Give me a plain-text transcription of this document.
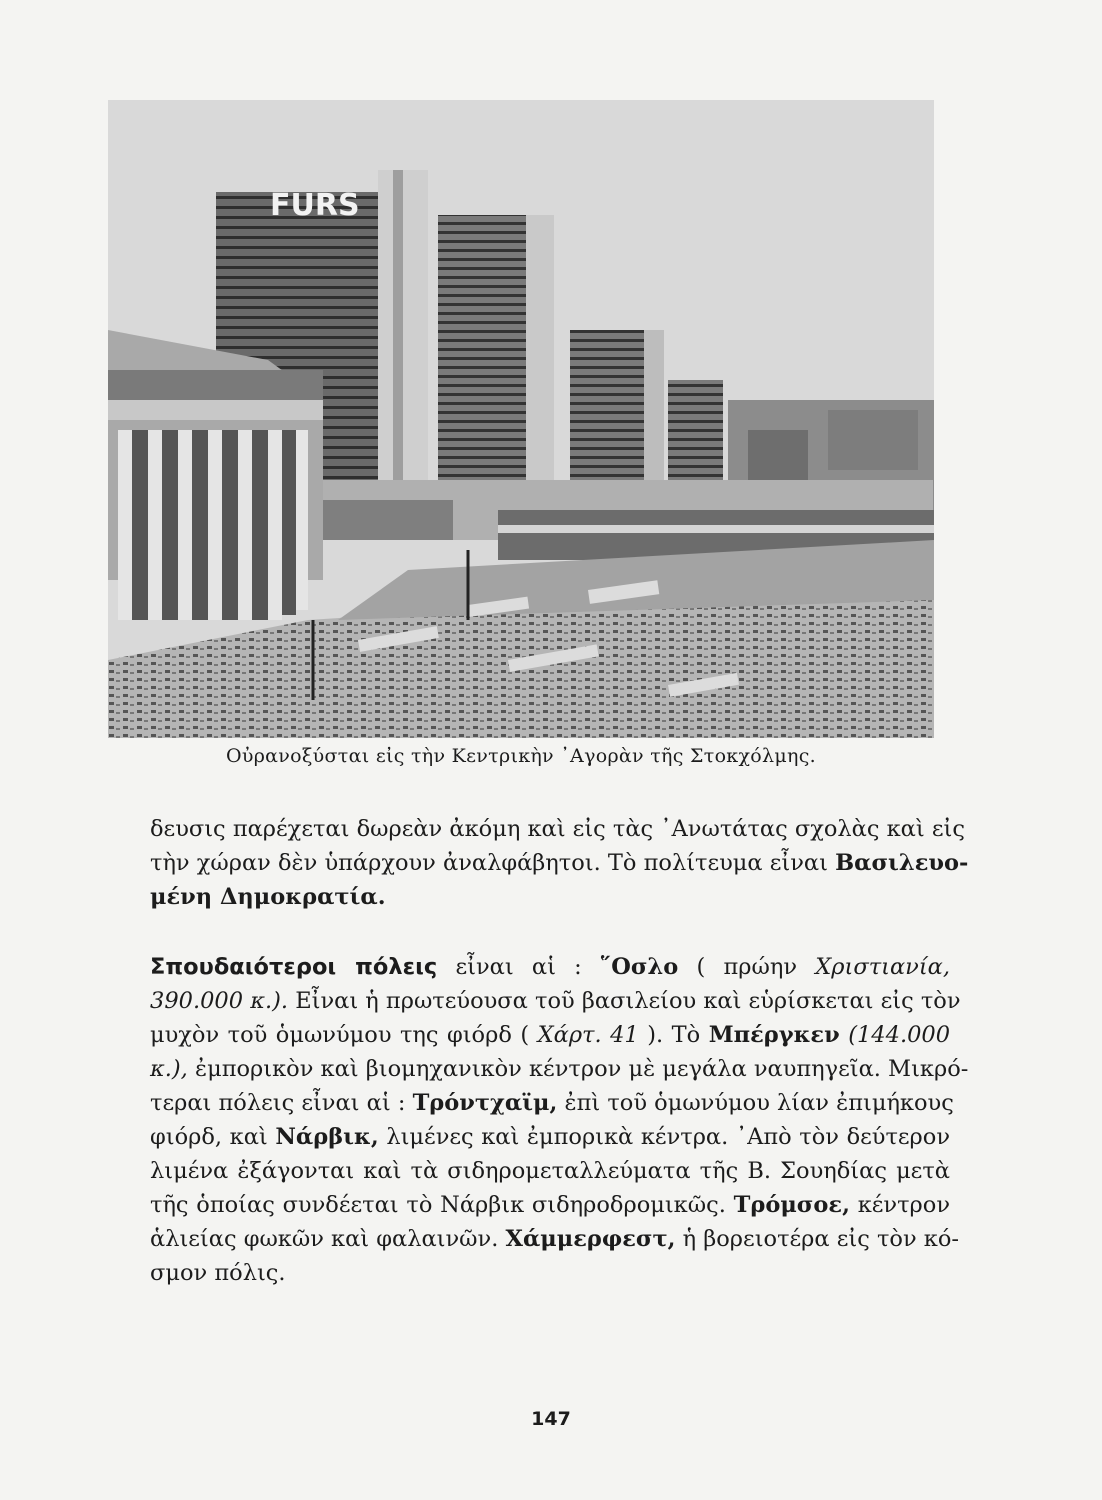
FURS
Οὐρανοξύσται εἰς τὴν Κεντρικὴν ᾿Αγορὰν τῆς Στοκχόλμης.
δευσις παρέχεται δωρεὰν ἀκόμη καὶ εἰς τὰς ᾿Ανωτάτας σχολὰς καὶ εἰς
τὴν χώραν δὲν ὑπάρχουν ἀναλφάβητοι. Τὸ πολίτευμα εἶναι Βασιλευο-
μένη Δημοκρατία.
Σπουδαιότεροι πόλεις εἶναι αἱ : ῞Οσλο ( πρώην Χριστιανία,
390.000 κ.). Εἶναι ἡ πρωτεύουσα τοῦ βασιλείου καὶ εὑρίσκεται εἰς τὸν
μυχὸν τοῦ ὁμωνύμου της φιόρδ ( Χάρτ. 41 ). Τὸ Μπέργκεν (144.000
κ.), ἐμπορικὸν καὶ βιομηχανικὸν κέντρον μὲ μεγάλα ναυπηγεῖα. Μικρό-
τεραι πόλεις εἶναι αἱ : Τρόντχαϊμ, ἐπὶ τοῦ ὁμωνύμου λίαν ἐπιμήκους
φιόρδ, καὶ Νάρβικ, λιμένες καὶ ἐμπορικὰ κέντρα. ᾿Απὸ τὸν δεύτερον
λιμένα ἐξάγονται καὶ τὰ σιδηρομεταλλεύματα τῆς Β. Σουηδίας μετὰ
τῆς ὁποίας συνδέεται τὸ Νάρβικ σιδηροδρομικῶς. Τρόμσοε, κέντρον
ἁλιείας φωκῶν καὶ φαλαινῶν. Χάμμερφεστ, ἡ βορειοτέρα εἰς τὸν κό-
σμον πόλις.
147
